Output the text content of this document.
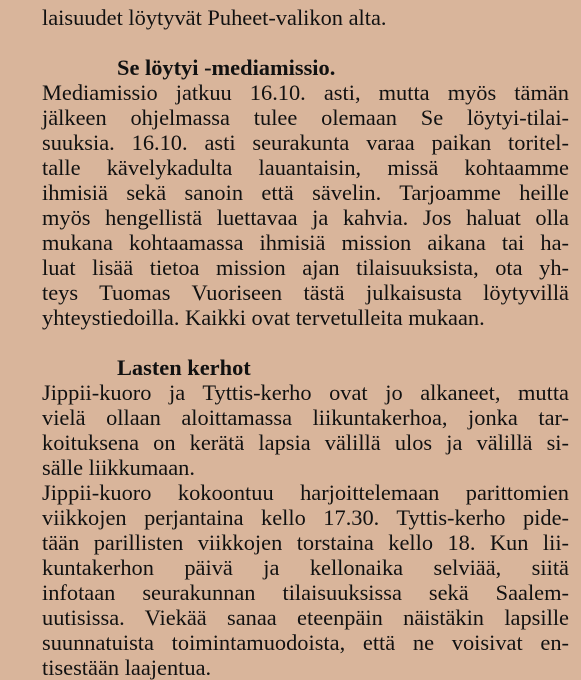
laisuudet löytyvät Puheet-valikon alta.
Se löytyi -mediamissio.
Mediamissio jatkuu 16.10. asti, mutta myös tämän
jälkeen ohjelmassa tulee olemaan Se löytyi-tilai-
suuksia. 16.10. asti seurakunta varaa paikan toritel-
talle kävelykadulta lauantaisin, missä kohtaamme
ihmisiä sekä sanoin että sävelin. Tarjoamme heille
myös hengellistä luettavaa ja kahvia. Jos haluat olla
mukana kohtaamassa ihmisiä mission aikana tai ha-
luat lisää tietoa mission ajan tilaisuuksista, ota yh-
teys Tuomas Vuoriseen tästä julkaisusta löytyvillä
yhteystiedoilla. Kaikki ovat tervetulleita mukaan.
Lasten kerhot
Jippii-kuoro ja Tyttis-kerho ovat jo alkaneet, mutta
vielä ollaan aloittamassa liikuntakerhoa, jonka tar-
koituksena on kerätä lapsia välillä ulos ja välillä si-
sälle liikkumaan.
Jippii-kuoro kokoontuu harjoittelemaan parittomien
viikkojen perjantaina kello 17.30. Tyttis-kerho pide-
tään parillisten viikkojen torstaina kello 18. Kun lii-
kuntakerhon päivä ja kellonaika selviää, siitä
infotaan seurakunnan tilaisuuksissa sekä Saalem-
uutisissa. Viekää sanaa eteenpäin näistäkin lapsille
suunnatuista toimintamuodoista, että ne voisivat en-
tisestään laajentua.
